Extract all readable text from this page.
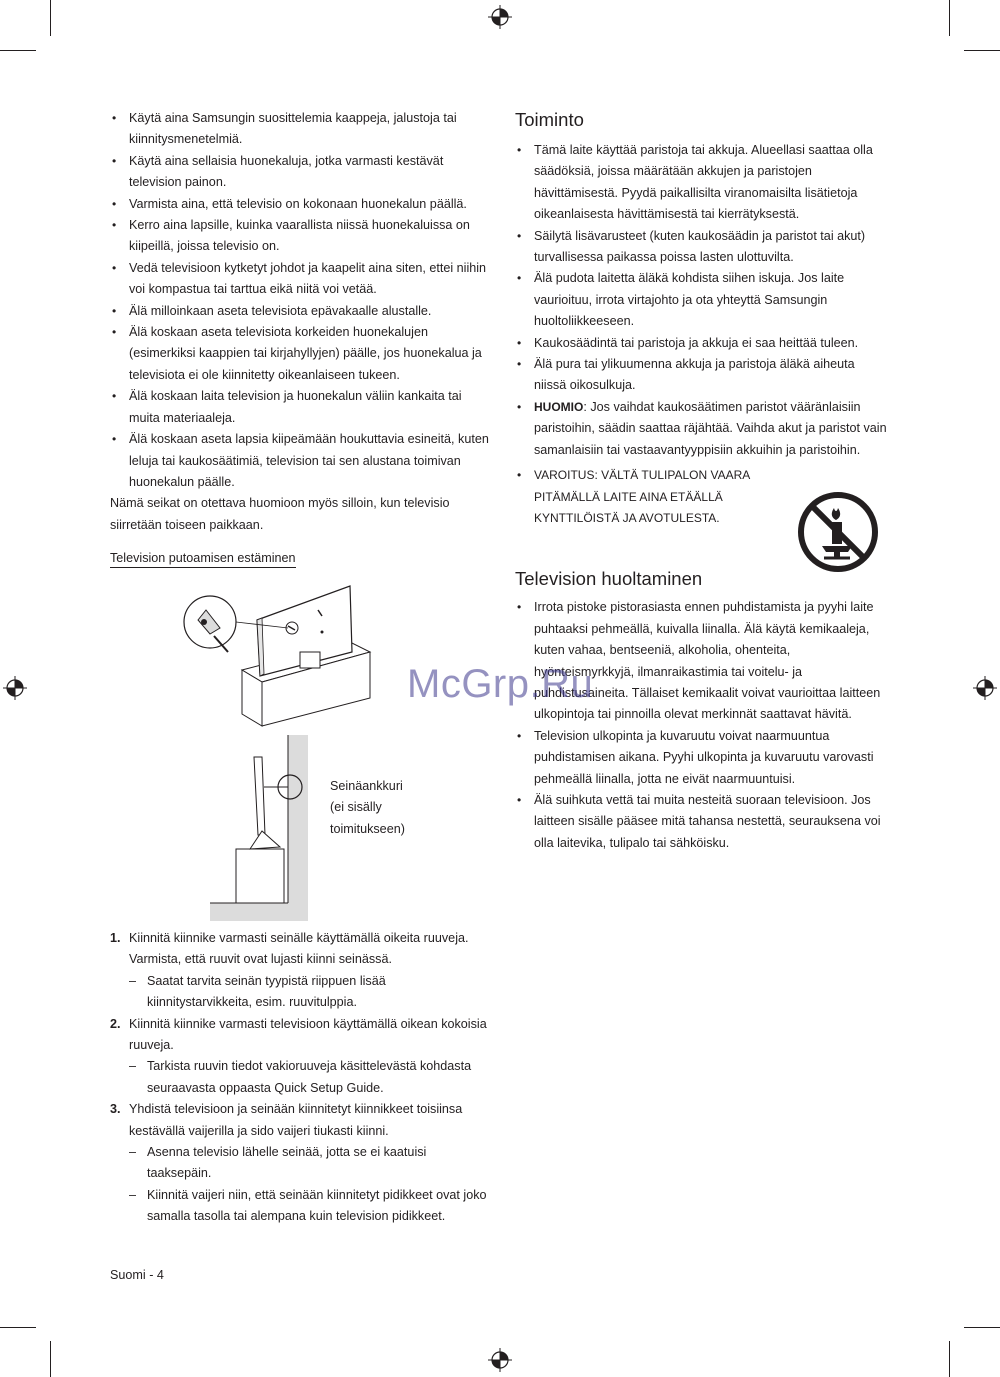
• Käytä aina Samsungin suosittelemia kaappeja, jalustoja tai kiinnitysmenetelmiä.
• Käytä aina sellaisia huonekaluja, jotka varmasti kestävät television painon.
• Varmista aina, että televisio on kokonaan huonekalun päällä.
• Kerro aina lapsille, kuinka vaarallista niissä huonekaluissa on kiipeillä, joissa televisio on.
• Vedä televisioon kytketyt johdot ja kaapelit aina siten, ettei niihin voi kompastua tai tarttua eikä niitä voi vetää.
• Älä milloinkaan aseta televisiota epävakaalle alustalle.
• Älä koskaan aseta televisiota korkeiden huonekalujen (esimerkiksi kaappien tai kirjahyllyjen) päälle, jos huonekalua ja televisiota ei ole kiinnitetty oikeanlaiseen tukeen.
• Älä koskaan laita television ja huonekalun väliin kankaita tai muita materiaaleja.
• Älä koskaan aseta lapsia kiipeämään houkuttavia esineitä, kuten leluja tai kaukosäätimiä, television tai sen alustana toimivan huonekalun päälle.

Nämä seikat on otettava huomioon myös silloin, kun televisio siirretään toiseen paikkaan.

Television putoamisen estäminen
Seinäankkuri
(ei sisälly
toimitukseen)
1. Kiinnitä kiinnike varmasti seinälle käyttämällä oikeita ruuveja. Varmista, että ruuvit ovat lujasti kiinni seinässä.
– Saatat tarvita seinän tyypistä riippuen lisää kiinnitystarvikkeita, esim. ruuvitulppia.
2. Kiinnitä kiinnike varmasti televisioon käyttämällä oikean kokoisia ruuveja.
– Tarkista ruuvin tiedot vakioruuveja käsittelevästä kohdasta seuraavasta oppaasta Quick Setup Guide.
3. Yhdistä televisioon ja seinään kiinnitetyt kiinnikkeet toisiinsa kestävällä vaijerilla ja sido vaijeri tiukasti kiinni.
– Asenna televisio lähelle seinää, jotta se ei kaatuisi taaksepäin.
– Kiinnitä vaijeri niin, että seinään kiinnitetyt pidikkeet ovat joko samalla tasolla tai alempana kuin television pidikkeet.
Toiminto
• Tämä laite käyttää paristoja tai akkuja. Alueellasi saattaa olla säädöksiä, joissa määrätään akkujen ja paristojen hävittämisestä. Pyydä paikallisilta viranomaisilta lisätietoja oikeanlaisesta hävittämisestä tai kierrätyksestä.
• Säilytä lisävarusteet (kuten kaukosäädin ja paristot tai akut) turvallisessa paikassa poissa lasten ulottuvilta.
• Älä pudota laitetta äläkä kohdista siihen iskuja. Jos laite vaurioituu, irrota virtajohto ja ota yhteyttä Samsungin huoltoliikkeeseen.
• Kaukosäädintä tai paristoja ja akkuja ei saa heittää tuleen.
• Älä pura tai ylikuumenna akkuja ja paristoja äläkä aiheuta niissä oikosulkuja.
• HUOMIO: Jos vaihdat kaukosäätimen paristot vääränlaisiin paristoihin, säädin saattaa räjähtää. Vaihda akut ja paristot vain samanlaisiin tai vastaavantyyppisiin akkuihin ja paristoihin.
• VAROITUS: VÄLTÄ TULIPALON VAARA
PITÄMÄLLÄ LAITE AINA ETÄÄLLÄ
KYNTTILÖISTÄ JA AVOTULESTA.
Television huoltaminen
• Irrota pistoke pistorasiasta ennen puhdistamista ja pyyhi laite puhtaaksi pehmeällä, kuivalla liinalla. Älä käytä kemikaaleja, kuten vahaa, bentseeniä, alkoholia, ohenteita, hyönteismyrkkyjä, ilmanraikastimia tai voitelu- ja puhdistusaineita. Tällaiset kemikaalit voivat vaurioittaa laitteen ulkopintoja tai pinnoilla olevat merkinnät saattavat hävitä.
• Television ulkopinta ja kuvaruutu voivat naarmuuntua puhdistamisen aikana. Pyyhi ulkopinta ja kuvaruutu varovasti pehmeällä liinalla, jotta ne eivät naarmuuntuisi.
• Älä suihkuta vettä tai muita nesteitä suoraan televisioon. Jos laitteen sisälle pääsee mitä tahansa nestettä, seurauksena voi olla laitevika, tulipalo tai sähköisku.
McGrp.Ru
Suomi - 4
